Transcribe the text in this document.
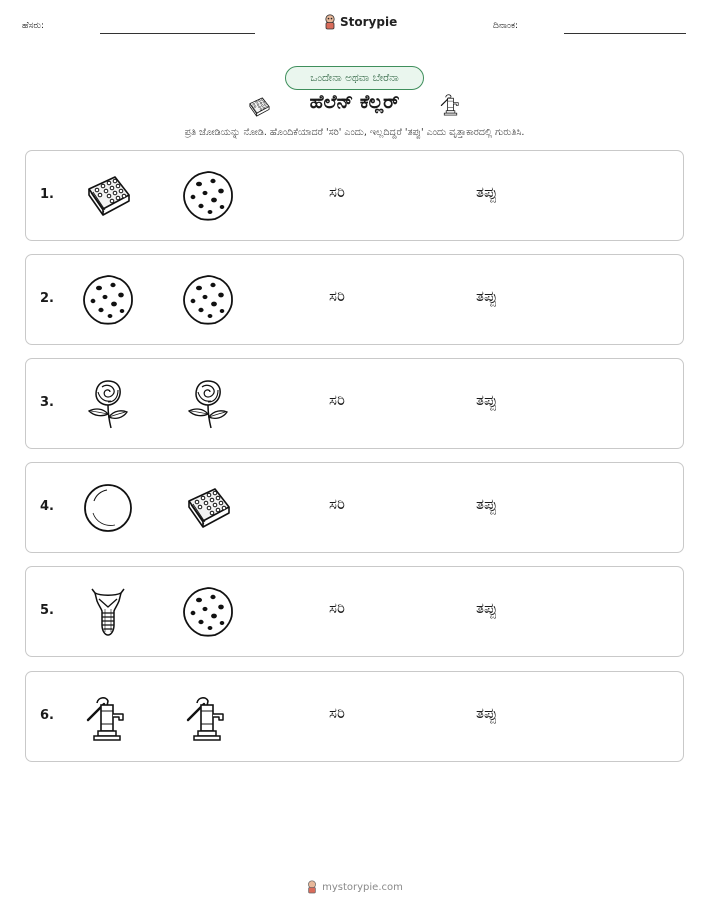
ಹೆಸರು:	Storypie	ದಿನಾಂಕ:
ಒಂದೇನಾ ಅಥವಾ ಬೇರೆನಾ
ಹೆಲೆನ್ ಕೆಲ್ಲರ್
ಪ್ರತಿ ಜೋಡಿಯನ್ನು ನೋಡಿ. ಹೊಂದಿಕೆಯಾದರೆ 'ಸರಿ' ಎಂದು, ಇಲ್ಲದಿದ್ದರೆ 'ತಪ್ಪು' ಎಂದು ವೃತ್ತಾಕಾರದಲ್ಲಿ ಗುರುತಿಸಿ.
1.	ಸರಿ	ತಪ್ಪು
2.	ಸರಿ	ತಪ್ಪು
3.	ಸರಿ	ತಪ್ಪು
4.	ಸರಿ	ತಪ್ಪು
5.	ಸರಿ	ತಪ್ಪು
6.	ಸರಿ	ತಪ್ಪು
mystorypie.com
